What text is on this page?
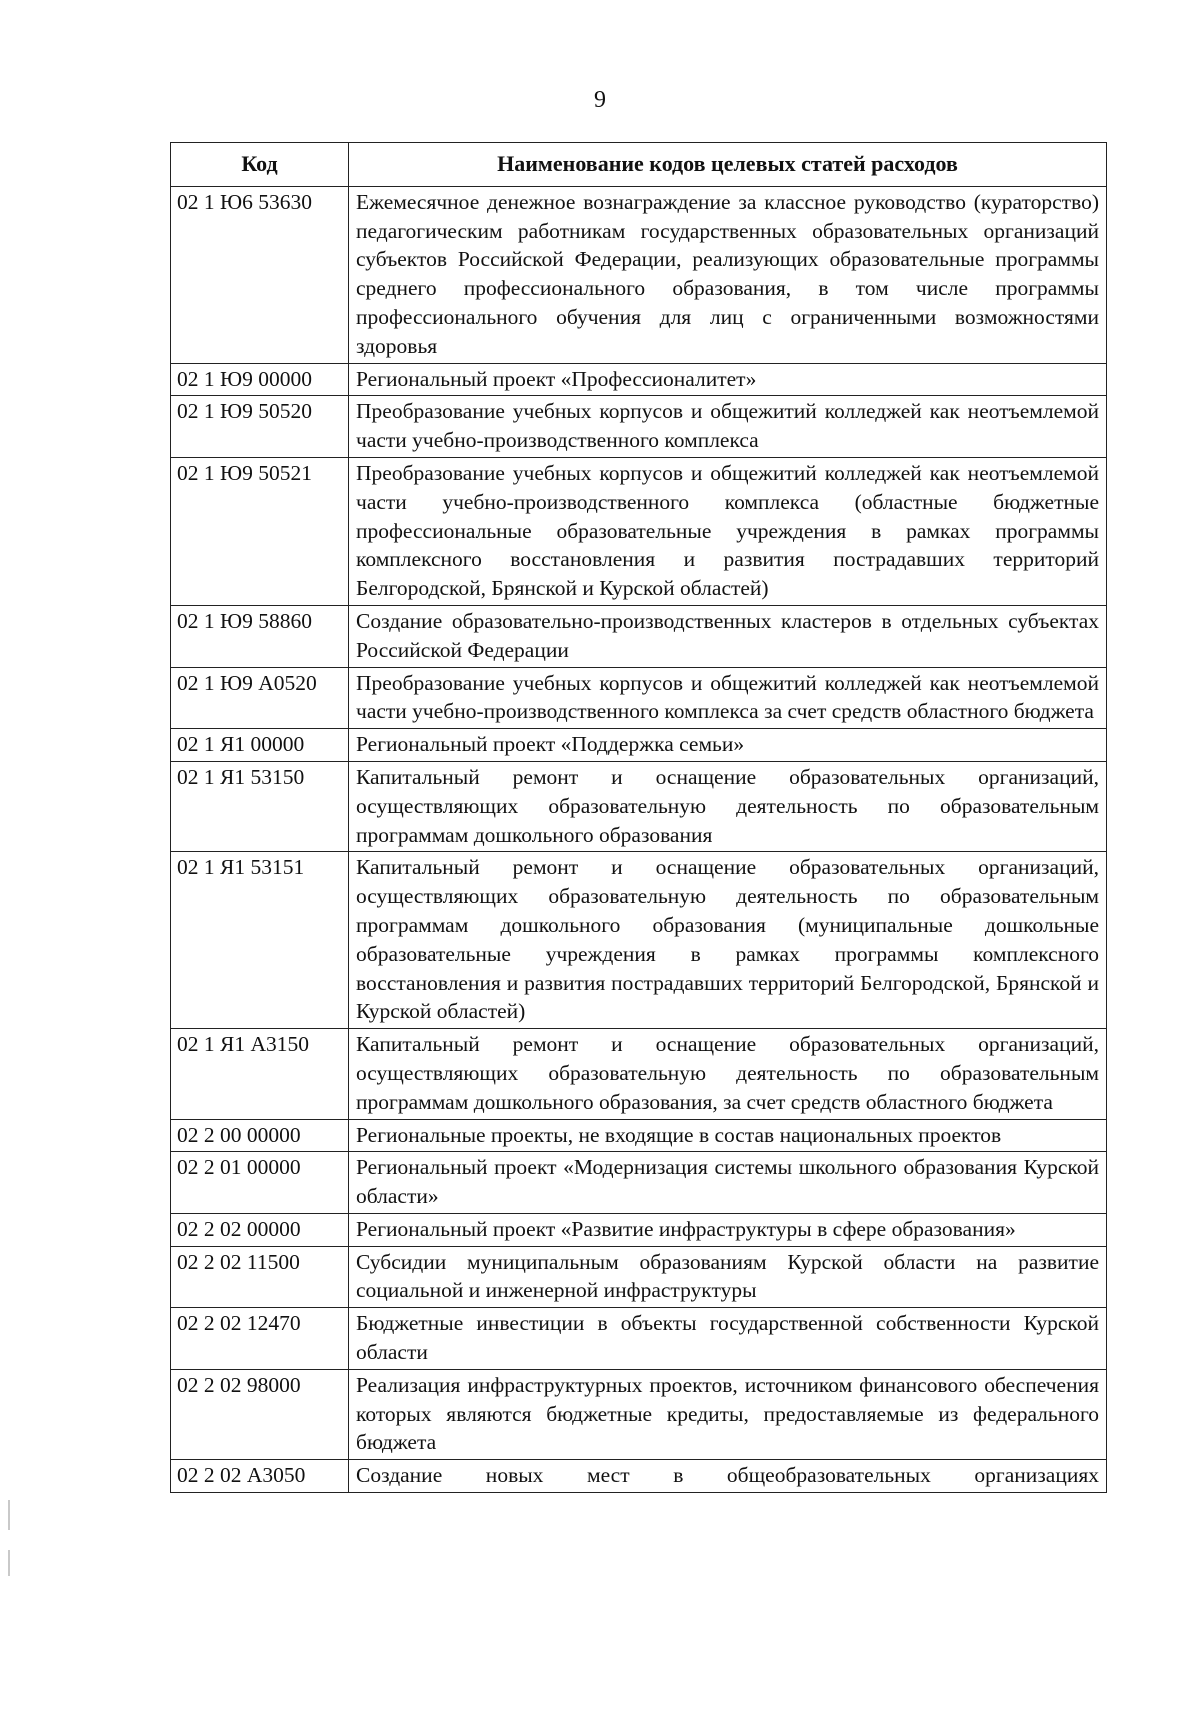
9
Код	Наименование кодов целевых статей расходов
02 1 Ю6 53630	Ежемесячное денежное вознаграждение за классное руководство (кураторство) педагогическим работникам государственных образовательных организаций субъектов Российской Федерации, реализующих образовательные программы среднего профессионального образования, в том числе программы профессионального обучения для лиц с ограниченными возможностями здоровья
02 1 Ю9 00000	Региональный проект «Профессионалитет»
02 1 Ю9 50520	Преобразование учебных корпусов и общежитий колледжей как неотъемлемой части учебно-производственного комплекса
02 1 Ю9 50521	Преобразование учебных корпусов и общежитий колледжей как неотъемлемой части учебно-производственного комплекса (областные бюджетные профессиональные образовательные учреждения в рамках программы комплексного восстановления и развития пострадавших территорий Белгородской, Брянской и Курской областей)
02 1 Ю9 58860	Создание образовательно-производственных кластеров в отдельных субъектах Российской Федерации
02 1 Ю9 А0520	Преобразование учебных корпусов и общежитий колледжей как неотъемлемой части учебно-производственного комплекса за счет средств областного бюджета
02 1 Я1 00000	Региональный проект «Поддержка семьи»
02 1 Я1 53150	Капитальный ремонт и оснащение образовательных организаций, осуществляющих образовательную деятельность по образовательным программам дошкольного образования
02 1 Я1 53151	Капитальный ремонт и оснащение образовательных организаций, осуществляющих образовательную деятельность по образовательным программам дошкольного образования (муниципальные дошкольные образовательные учреждения в рамках программы комплексного восстановления и развития пострадавших территорий Белгородской, Брянской и Курской областей)
02 1 Я1 А3150	Капитальный ремонт и оснащение образовательных организаций, осуществляющих образовательную деятельность по образовательным программам дошкольного образования, за счет средств областного бюджета
02 2 00 00000	Региональные проекты, не входящие в состав национальных проектов
02 2 01 00000	Региональный проект «Модернизация системы школьного образования Курской области»
02 2 02 00000	Региональный проект «Развитие инфраструктуры в сфере образования»
02 2 02 11500	Субсидии муниципальным образованиям Курской области на развитие социальной и инженерной инфраструктуры
02 2 02 12470	Бюджетные инвестиции в объекты государственной собственности Курской области
02 2 02 98000	Реализация инфраструктурных проектов, источником финансового обеспечения которых являются бюджетные кредиты, предоставляемые из федерального бюджета
02 2 02 А3050	Создание новых мест в общеобразовательных организациях
